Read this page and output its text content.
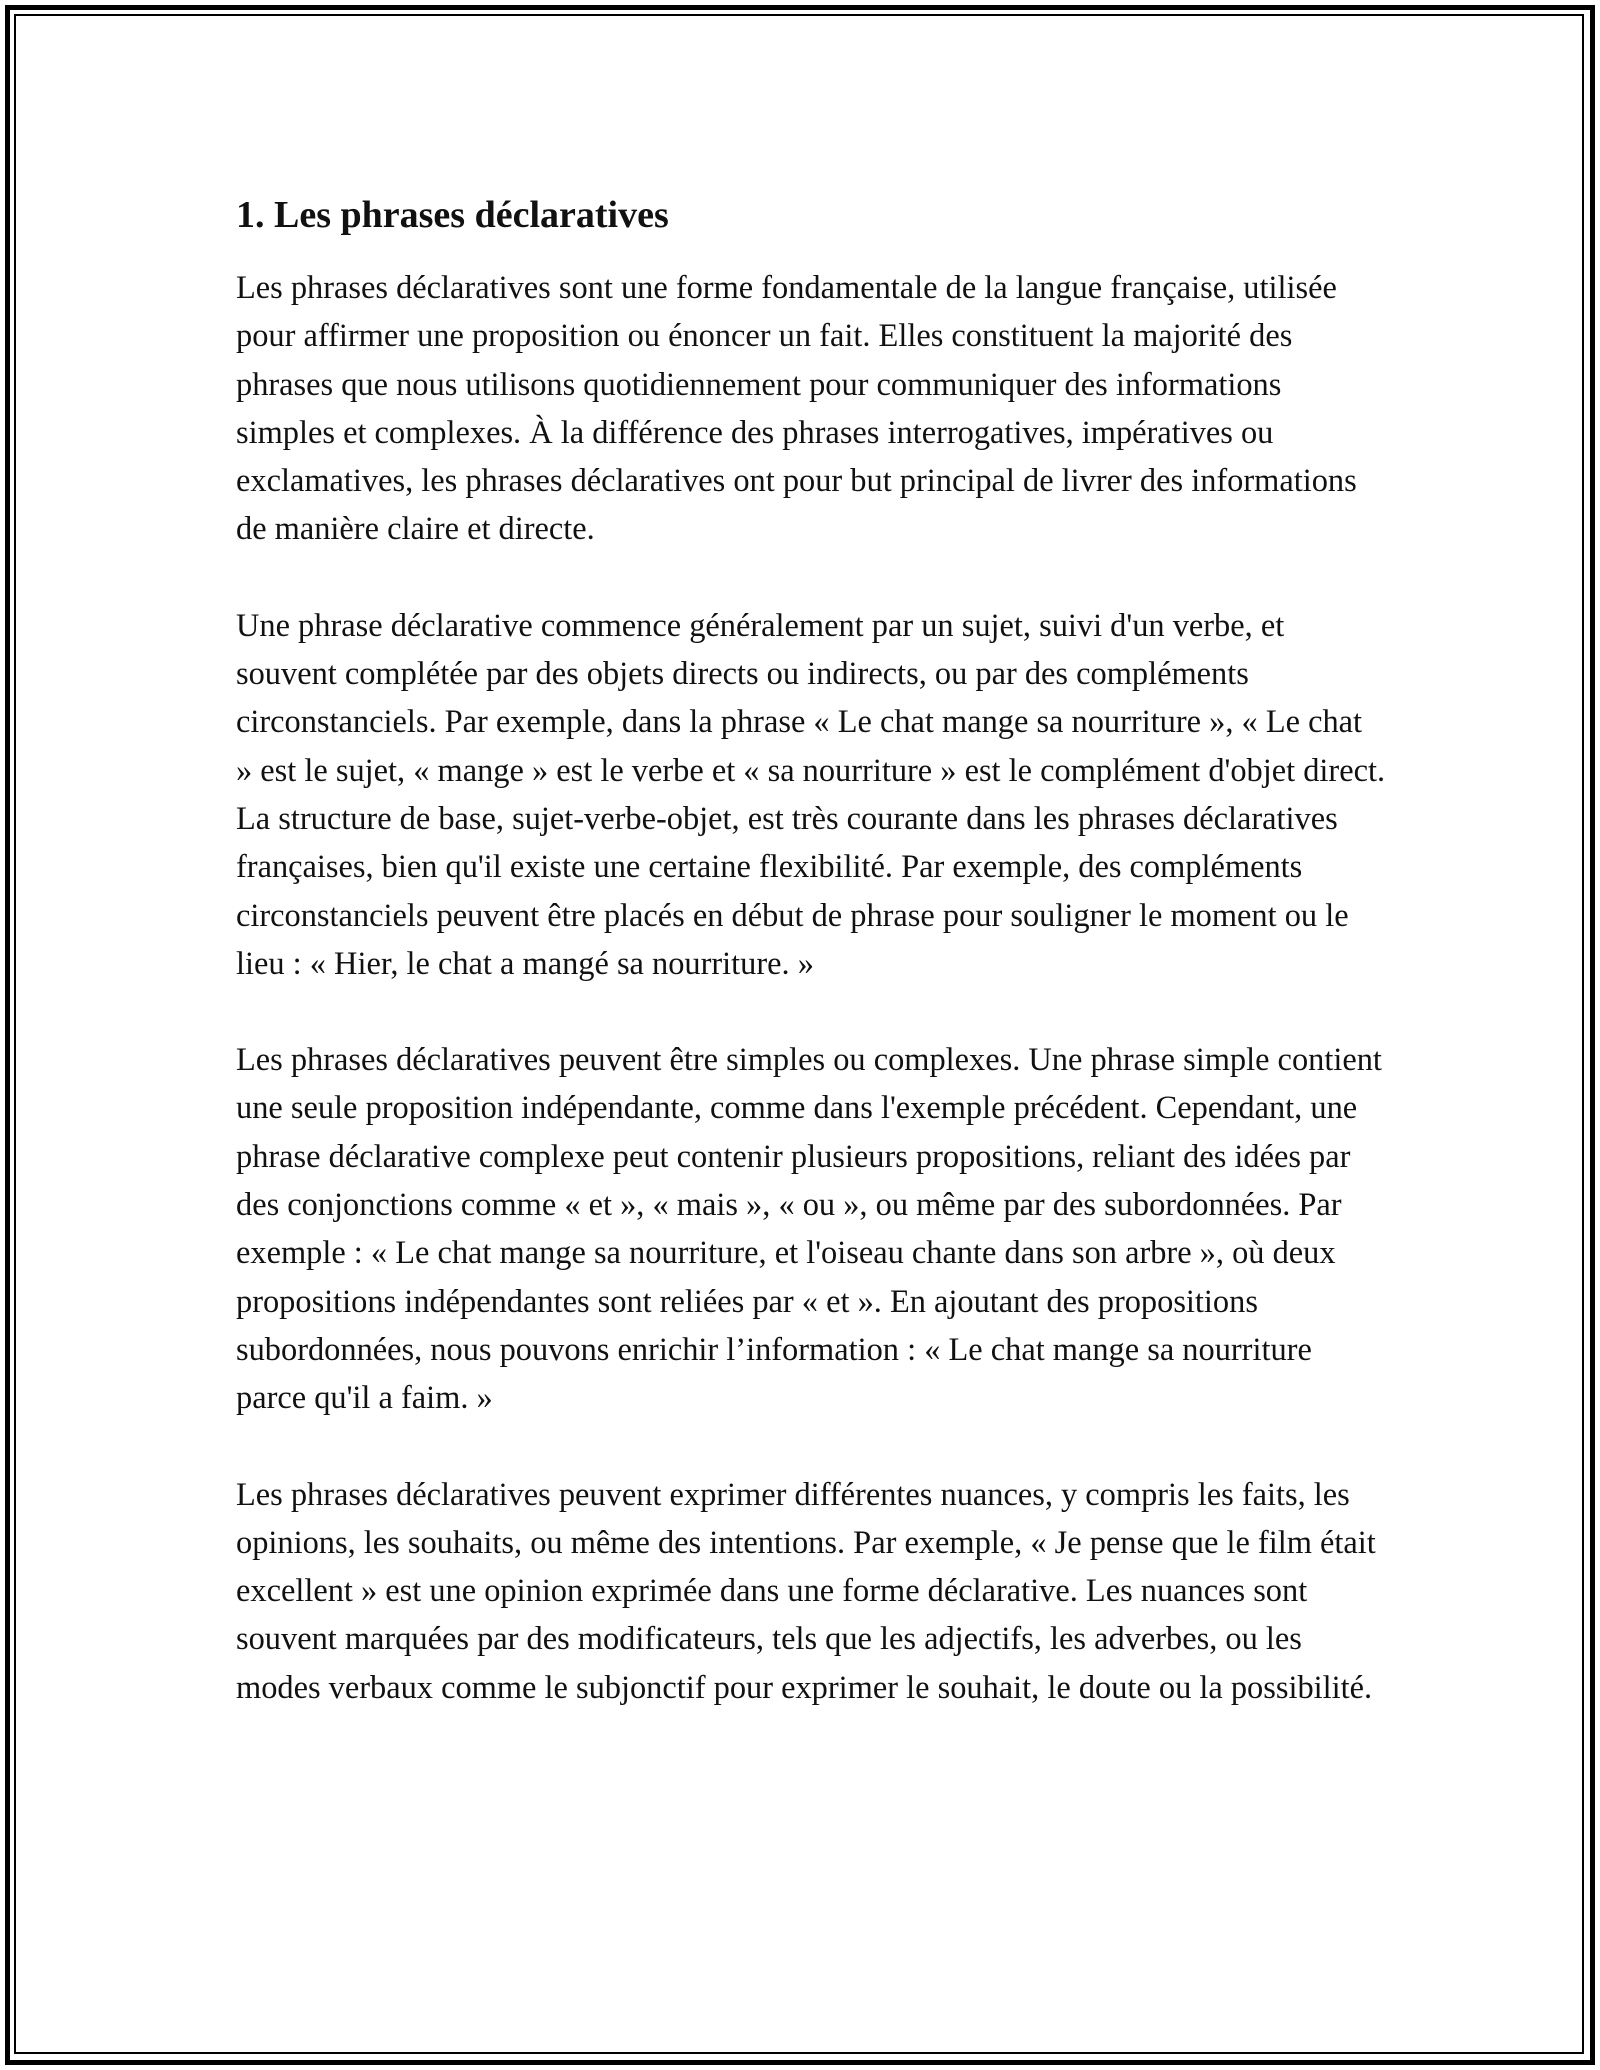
1. Les phrases déclaratives

Les phrases déclaratives sont une forme fondamentale de la langue française, utilisée pour affirmer une proposition ou énoncer un fait. Elles constituent la majorité des phrases que nous utilisons quotidiennement pour communiquer des informations simples et complexes. À la différence des phrases interrogatives, impératives ou exclamatives, les phrases déclaratives ont pour but principal de livrer des informations de manière claire et directe.

Une phrase déclarative commence généralement par un sujet, suivi d'un verbe, et souvent complétée par des objets directs ou indirects, ou par des compléments circonstanciels. Par exemple, dans la phrase « Le chat mange sa nourriture », « Le chat » est le sujet, « mange » est le verbe et « sa nourriture » est le complément d'objet direct. La structure de base, sujet-verbe-objet, est très courante dans les phrases déclaratives françaises, bien qu'il existe une certaine flexibilité. Par exemple, des compléments circonstanciels peuvent être placés en début de phrase pour souligner le moment ou le lieu : « Hier, le chat a mangé sa nourriture. »

Les phrases déclaratives peuvent être simples ou complexes. Une phrase simple contient une seule proposition indépendante, comme dans l'exemple précédent. Cependant, une phrase déclarative complexe peut contenir plusieurs propositions, reliant des idées par des conjonctions comme « et », « mais », « ou », ou même par des subordonnées. Par exemple : « Le chat mange sa nourriture, et l'oiseau chante dans son arbre », où deux propositions indépendantes sont reliées par « et ». En ajoutant des propositions subordonnées, nous pouvons enrichir l’information : « Le chat mange sa nourriture parce qu'il a faim. »

Les phrases déclaratives peuvent exprimer différentes nuances, y compris les faits, les opinions, les souhaits, ou même des intentions. Par exemple, « Je pense que le film était excellent » est une opinion exprimée dans une forme déclarative. Les nuances sont souvent marquées par des modificateurs, tels que les adjectifs, les adverbes, ou les modes verbaux comme le subjonctif pour exprimer le souhait, le doute ou la possibilité.
